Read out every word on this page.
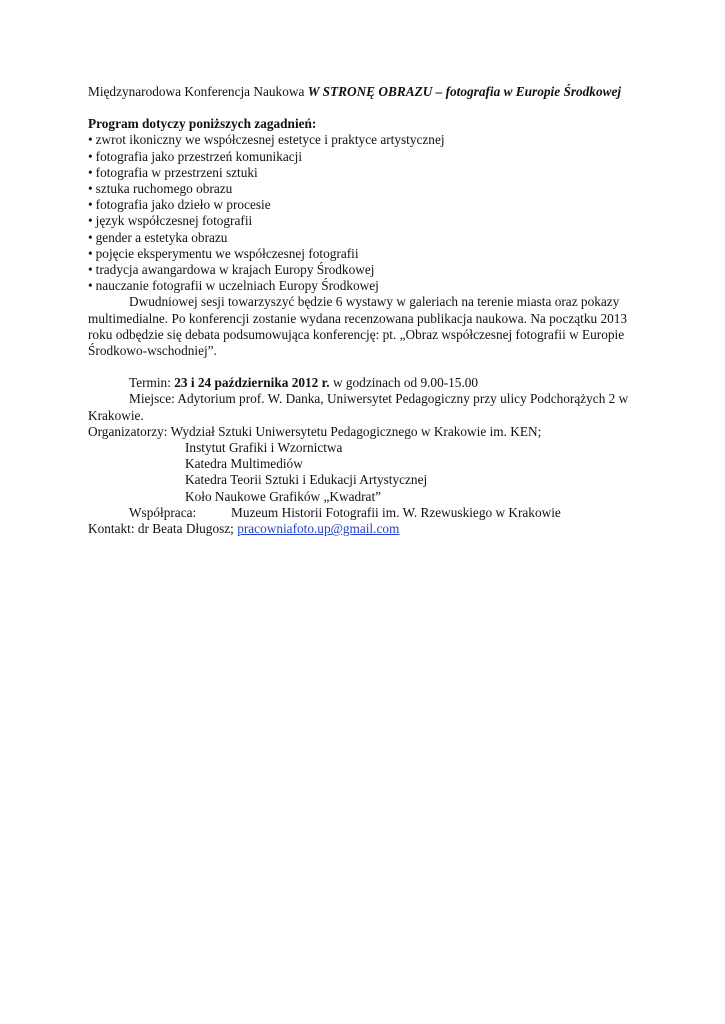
Międzynarodowa Konferencja Naukowa W STRONĘ OBRAZU – fotografia w Europie Środkowej
Program dotyczy poniższych zagadnień:
• zwrot ikoniczny we współczesnej estetyce i praktyce artystycznej
• fotografia jako przestrzeń komunikacji
• fotografia w przestrzeni sztuki
• sztuka ruchomego obrazu
• fotografia jako dzieło w procesie
• język współczesnej fotografii
• gender a estetyka obrazu
• pojęcie eksperymentu we współczesnej fotografii
• tradycja awangardowa w krajach Europy Środkowej
• nauczanie fotografii w uczelniach Europy Środkowej
Dwudniowej sesji towarzyszyć będzie 6 wystawy w galeriach na terenie miasta oraz pokazy
multimedialne. Po konferencji zostanie wydana recenzowana publikacja naukowa. Na początku 2013
roku odbędzie się debata podsumowująca konferencję: pt. „Obraz współczesnej fotografii w Europie
Środkowo-wschodniej”.
Termin: 23 i 24 października 2012 r. w godzinach od 9.00-15.00
Miejsce: Adytorium prof. W. Danka, Uniwersytet Pedagogiczny przy ulicy Podchorążych 2 w
Krakowie.
Organizatorzy: Wydział Sztuki Uniwersytetu Pedagogicznego w Krakowie im. KEN;
Instytut Grafiki i Wzornictwa
Katedra Multimediów
Katedra Teorii Sztuki i Edukacji Artystycznej
Koło Naukowe Grafików „Kwadrat”
Współpraca:	Muzeum Historii Fotografii im. W. Rzewuskiego w Krakowie
Kontakt: dr Beata Długosz; pracowniafoto.up@gmail.com
